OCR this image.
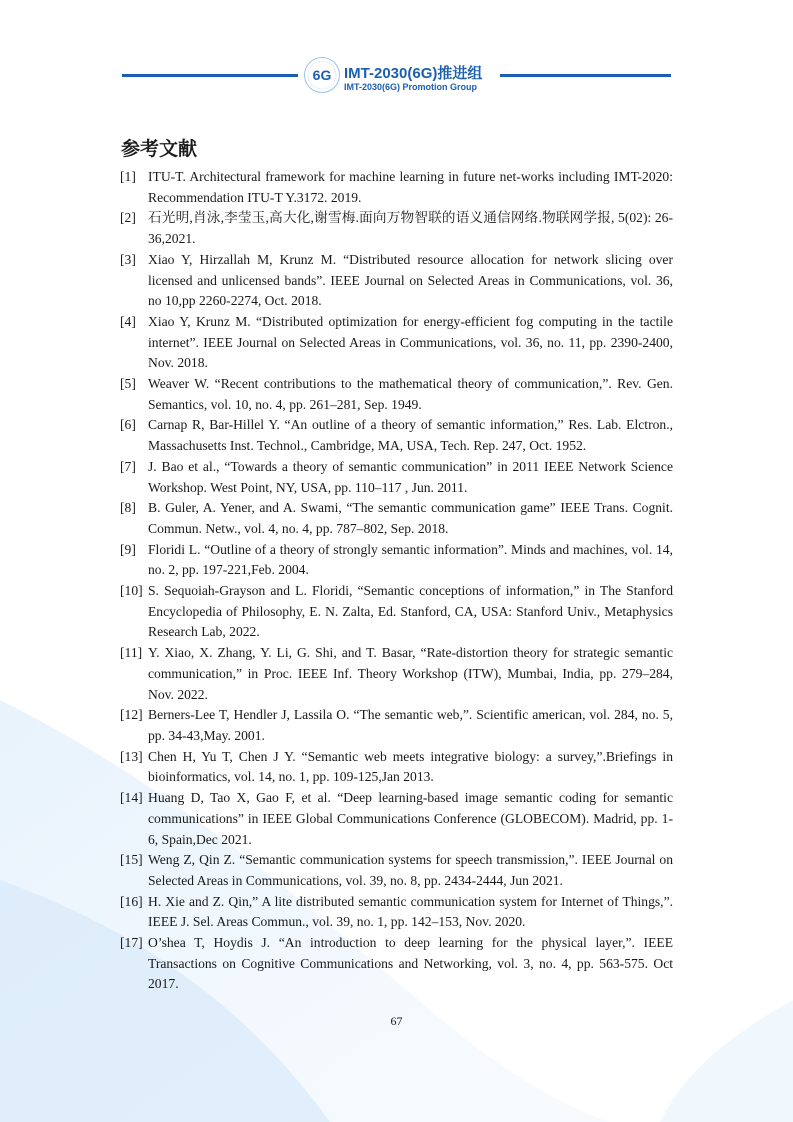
6G IMT-2030(6G)推进组
IMT-2030(6G) Promotion Group
参考文献
[1] ITU-T. Architectural framework for machine learning in future net-works including IMT-2020: Recommendation ITU-T Y.3172. 2019.
[2] 石光明,肖泳,李莹玉,高大化,谢雪梅.面向万物智联的语义通信网络.物联网学报, 5(02): 26-36,2021.
[3] Xiao Y, Hirzallah M, Krunz M. “Distributed resource allocation for network slicing over licensed and unlicensed bands”. IEEE Journal on Selected Areas in Communications, vol. 36, no 10,pp 2260-2274, Oct. 2018.
[4] Xiao Y, Krunz M. “Distributed optimization for energy-efficient fog computing in the tactile internet”. IEEE Journal on Selected Areas in Communications, vol. 36, no. 11, pp. 2390-2400, Nov. 2018.
[5] Weaver W. “Recent contributions to the mathematical theory of communication,”. Rev. Gen. Semantics, vol. 10, no. 4, pp. 261–281, Sep. 1949.
[6] Carnap R, Bar-Hillel Y. “An outline of a theory of semantic information,” Res. Lab. Elctron., Massachusetts Inst. Technol., Cambridge, MA, USA, Tech. Rep. 247, Oct. 1952.
[7] J. Bao et al., “Towards a theory of semantic communication” in 2011 IEEE Network Science Workshop. West Point, NY, USA, pp. 110–117 , Jun. 2011.
[8] B. Guler, A. Yener, and A. Swami, “The semantic communication game” IEEE Trans. Cognit. Commun. Netw., vol. 4, no. 4, pp. 787–802, Sep. 2018.
[9] Floridi L. “Outline of a theory of strongly semantic information”. Minds and machines, vol. 14, no. 2, pp. 197-221,Feb. 2004.
[10] S. Sequoiah-Grayson and L. Floridi, “Semantic conceptions of information,” in The Stanford Encyclopedia of Philosophy, E. N. Zalta, Ed. Stanford, CA, USA: Stanford Univ., Metaphysics Research Lab, 2022.
[11] Y. Xiao, X. Zhang, Y. Li, G. Shi, and T. Basar, “Rate-distortion theory for strategic semantic communication,” in Proc. IEEE Inf. Theory Workshop (ITW), Mumbai, India, pp. 279–284, Nov. 2022.
[12] Berners-Lee T, Hendler J, Lassila O. “The semantic web,”. Scientific american, vol. 284, no. 5, pp. 34-43,May. 2001.
[13] Chen H, Yu T, Chen J Y. “Semantic web meets integrative biology: a survey,”.Briefings in bioinformatics, vol. 14, no. 1, pp. 109-125,Jan 2013.
[14] Huang D, Tao X, Gao F, et al. “Deep learning-based image semantic coding for semantic communications” in IEEE Global Communications Conference (GLOBECOM). Madrid, pp. 1-6, Spain,Dec 2021.
[15] Weng Z, Qin Z. “Semantic communication systems for speech transmission,”. IEEE Journal on Selected Areas in Communications, vol. 39, no. 8, pp. 2434-2444, Jun 2021.
[16] H. Xie and Z. Qin,” A lite distributed semantic communication system for Internet of Things,”. IEEE J. Sel. Areas Commun., vol. 39, no. 1, pp. 142–153, Nov. 2020.
[17] O’shea T, Hoydis J. “An introduction to deep learning for the physical layer,”. IEEE Transactions on Cognitive Communications and Networking, vol. 3, no. 4, pp. 563-575. Oct 2017.
67
